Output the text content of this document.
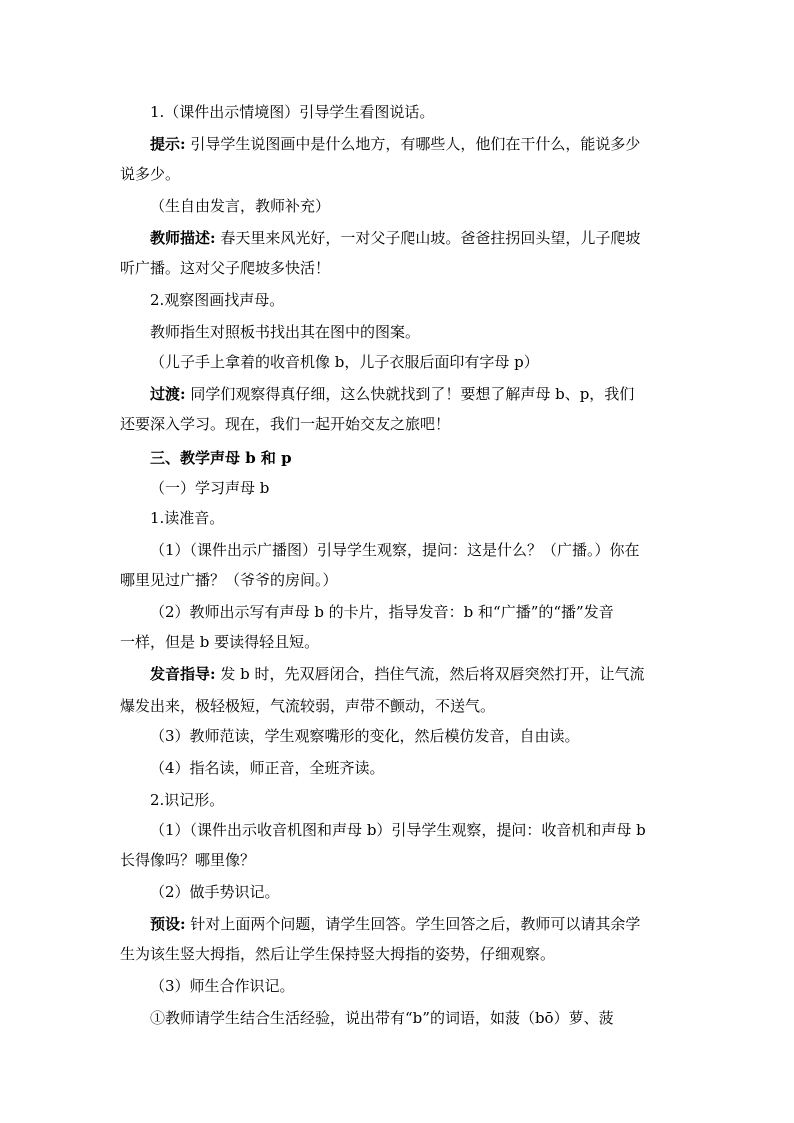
1.（课件出示情境图）引导学生看图说话。
提示: 引导学生说图画中是什么地方，有哪些人，他们在干什么，能说多少
说多少。
（生自由发言，教师补充）
教师描述: 春天里来风光好，一对父子爬山坡。爸爸拄拐回头望，儿子爬坡
听广播。这对父子爬坡多快活！
2.观察图画找声母。
教师指生对照板书找出其在图中的图案。
（儿子手上拿着的收音机像 b，儿子衣服后面印有字母 p）
过渡: 同学们观察得真仔细，这么快就找到了！要想了解声母 b、p，我们
还要深入学习。现在，我们一起开始交友之旅吧！
三、教学声母 b 和 p
（一）学习声母 b
1.读准音。
（1）（课件出示广播图）引导学生观察，提问：这是什么？（广播。）你在
哪里见过广播？（爷爷的房间。）
（2）教师出示写有声母 b 的卡片，指导发音：b 和“广播”的“播”发音
一样，但是 b 要读得轻且短。
发音指导: 发 b 时，先双唇闭合，挡住气流，然后将双唇突然打开，让气流
爆发出来，极轻极短，气流较弱，声带不颤动，不送气。
（3）教师范读，学生观察嘴形的变化，然后模仿发音，自由读。
（4）指名读，师正音，全班齐读。
2.识记形。
（1）（课件出示收音机图和声母 b）引导学生观察，提问：收音机和声母 b
长得像吗？哪里像？
（2）做手势识记。
预设: 针对上面两个问题，请学生回答。学生回答之后，教师可以请其余学
生为该生竖大拇指，然后让学生保持竖大拇指的姿势，仔细观察。
（3）师生合作识记。
①教师请学生结合生活经验，说出带有“b”的词语，如菠（bō）萝、菠
